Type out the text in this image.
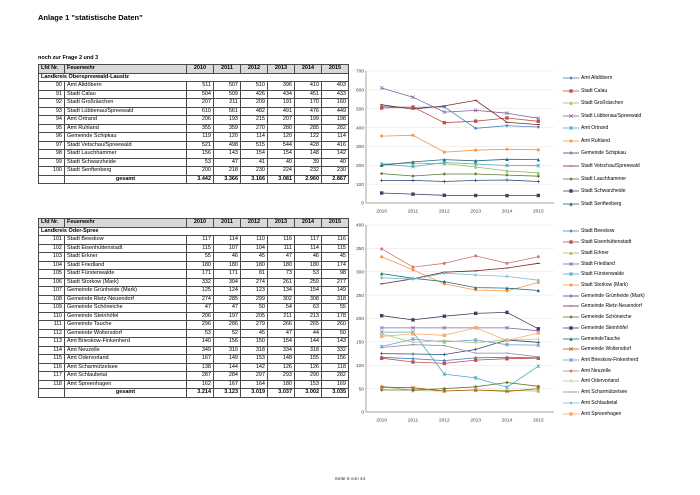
Anlage 1 "statistische Daten"
noch zur Frage 2 und 3
Lfd Nr.	Feuerwehr	2010	2011	2012	2013	2014	2015
Landkreis Oberspreewald-Lausitz							
90	Amt Altdöbern	511	507	510	396	410	403
91	Stadt Calau	504	509	426	434	451	433
92	Stadt Großräschen	207	211	209	191	170	160
93	Stadt Lübbenau/Spreewald	610	561	482	491	476	449
94	Amt Ortrand	206	193	215	207	199	198
95	Amt Ruhland	355	359	270	280	285	282
96	Gemeinde Schipkau	119	120	114	120	122	114
97	Stadt Vetschau/Spreewald	521	498	515	544	428	416
98	Stadt Lauchhammer	156	143	154	154	148	142
99	Stadt Schwarzheide	53	47	41	40	39	40
100	Stadt Senftenberg	200	218	230	224	232	230
	gesamt	3.442	3.366	3.166	3.081	2.960	2.867
0
100
200
300
400
500
600
700
2010	2011	2012	2013	2014	2015
Amt Altdöbern
Stadt Calau
Stadt Großräschen
Stadt Lübbenau/Spreewald
Amt Ortrand
Amt Ruhland
Gemeinde Schipkau
Stadt Vetschau/Spreewald
Stadt Lauchhammer
Stadt Schwarzheide
Stadt Senftenberg
Lfd Nr.	Feuerwehr	2010	2011	2012	2013	2014	2015
Landkreis Oder-Spree							
101	Stadt Beeskow	117	114	110	116	117	116
102	Stadt Eisenhüttenstadt	115	107	104	111	114	115
103	Stadt Erkner	55	46	45	47	46	45
104	Stadt Friedland	180	180	180	180	180	174
105	Stadt Fürstenwalde	171	171	81	73	53	98
106	Stadt Storkow (Mark)	332	304	274	261	259	277
107	Gemeinde Grünheide (Mark)	125	124	123	134	154	149
108	Gemeinde Rietz-Neuendorf	274	285	299	302	308	318
109	Gemeinde Schöneiche	47	47	50	54	63	55
110	Gemeinde Steinhöfel	206	197	205	211	213	178
111	Gemeinde Tauche	296	286	279	266	265	260
112	Gemeinde Woltersdorf	53	52	45	47	44	50
113	Amt Brieskow-Finkenherd	140	156	150	154	144	143
114	Amt Neuzelle	349	310	318	334	318	332
115	Amt Odervorland	167	149	153	148	155	156
116	Amt Scharmützelsee	138	144	142	126	126	118
117	Amt Schlaubetal	287	284	297	293	290	282
118	Amt Spreenhagen	162	167	164	180	153	169
	gesamt	3.214	3.123	3.019	3.037	3.002	3.035
0
50
100
150
200
250
300
350
400
2010	2011	2012	2013	2014	2015
Stadt Beeskow
Stadt Eisenhüttenstadt
Stadt Erkner
Stadt Friedland
Stadt Fürstenwalde
Stadt Storkow (Mark)
Gemeinde Grünheide (Mark)
Gemeinde Rietz-Neuendorf
Gemeinde Schöneiche
Gemeinde Steinhöfel
GemeindeTauche
Gemeinde Woltersdorf
Amt Brieskow-Finkenherd
Amt Neuzelle
Amt Odervorland
Amt Scharmützelsee
Amt Schlaubetal
Amt Spreenhagen
Seite 5 von 44
